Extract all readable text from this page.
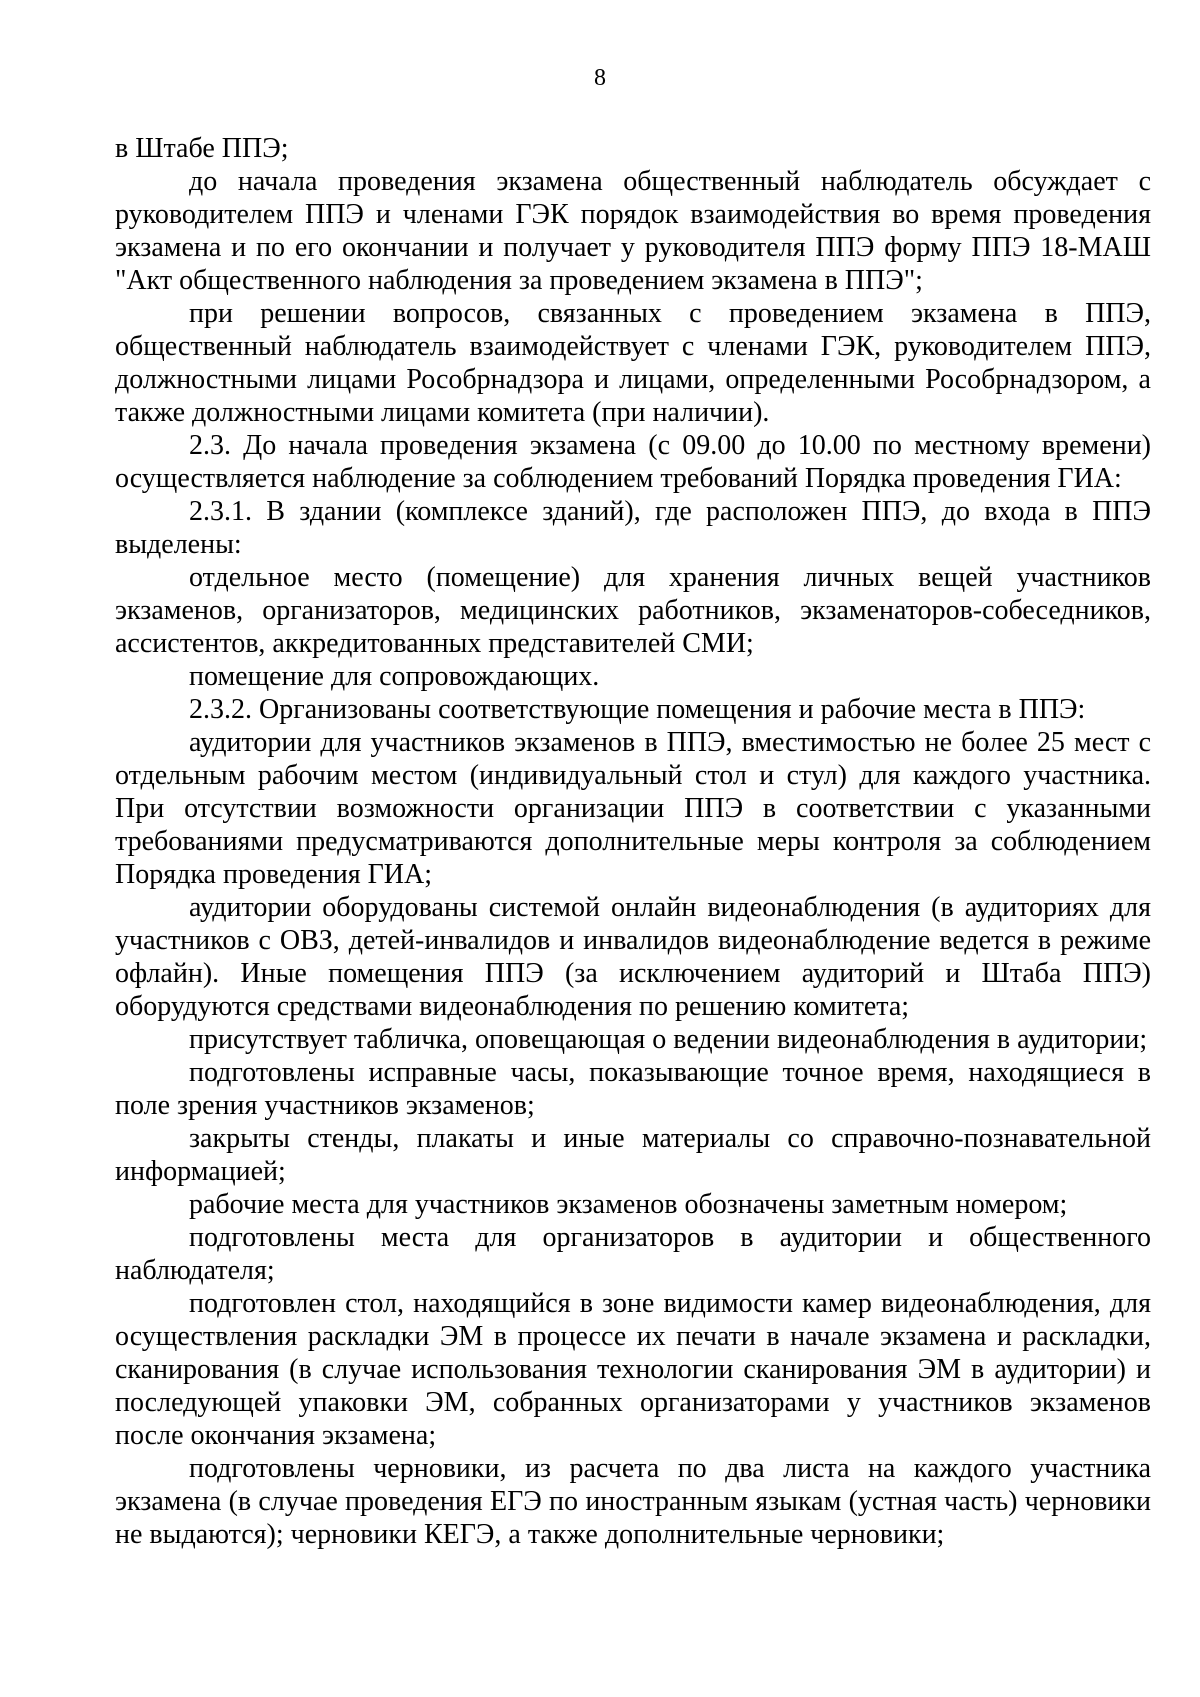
8

в Штабе ППЭ;

до начала проведения экзамена общественный наблюдатель обсуждает с руководителем ППЭ и членами ГЭК порядок взаимодействия во время проведения экзамена и по его окончании и получает у руководителя ППЭ форму ППЭ 18-МАШ "Акт общественного наблюдения за проведением экзамена в ППЭ";

при решении вопросов, связанных с проведением экзамена в ППЭ, общественный наблюдатель взаимодействует с членами ГЭК, руководителем ППЭ, должностными лицами Рособрнадзора и лицами, определенными Рособрнадзором, а также должностными лицами комитета (при наличии).

2.3. До начала проведения экзамена (с 09.00 до 10.00 по местному времени) осуществляется наблюдение за соблюдением требований Порядка проведения ГИА:

2.3.1. В здании (комплексе зданий), где расположен ППЭ, до входа в ППЭ выделены:

отдельное место (помещение) для хранения личных вещей участников экзаменов, организаторов, медицинских работников, экзаменаторов-собеседников, ассистентов, аккредитованных представителей СМИ;

помещение для сопровождающих.

2.3.2. Организованы соответствующие помещения и рабочие места в ППЭ:

аудитории для участников экзаменов в ППЭ, вместимостью не более 25 мест с отдельным рабочим местом (индивидуальный стол и стул) для каждого участника. При отсутствии возможности организации ППЭ в соответствии с указанными требованиями предусматриваются дополнительные меры контроля за соблюдением Порядка проведения ГИА;

аудитории оборудованы системой онлайн видеонаблюдения (в аудиториях для участников с ОВЗ, детей-инвалидов и инвалидов видеонаблюдение ведется в режиме офлайн). Иные помещения ППЭ (за исключением аудиторий и Штаба ППЭ) оборудуются средствами видеонаблюдения по решению комитета;

присутствует табличка, оповещающая о ведении видеонаблюдения в аудитории;

подготовлены исправные часы, показывающие точное время, находящиеся в поле зрения участников экзаменов;

закрыты стенды, плакаты и иные материалы со справочно-познавательной информацией;

рабочие места для участников экзаменов обозначены заметным номером;

подготовлены места для организаторов в аудитории и общественного наблюдателя;

подготовлен стол, находящийся в зоне видимости камер видеонаблюдения, для осуществления раскладки ЭМ в процессе их печати в начале экзамена и раскладки, сканирования (в случае использования технологии сканирования ЭМ в аудитории) и последующей упаковки ЭМ, собранных организаторами у участников экзаменов после окончания экзамена;

подготовлены черновики, из расчета по два листа на каждого участника экзамена (в случае проведения ЕГЭ по иностранным языкам (устная часть) черновики не выдаются); черновики КЕГЭ, а также дополнительные черновики;
